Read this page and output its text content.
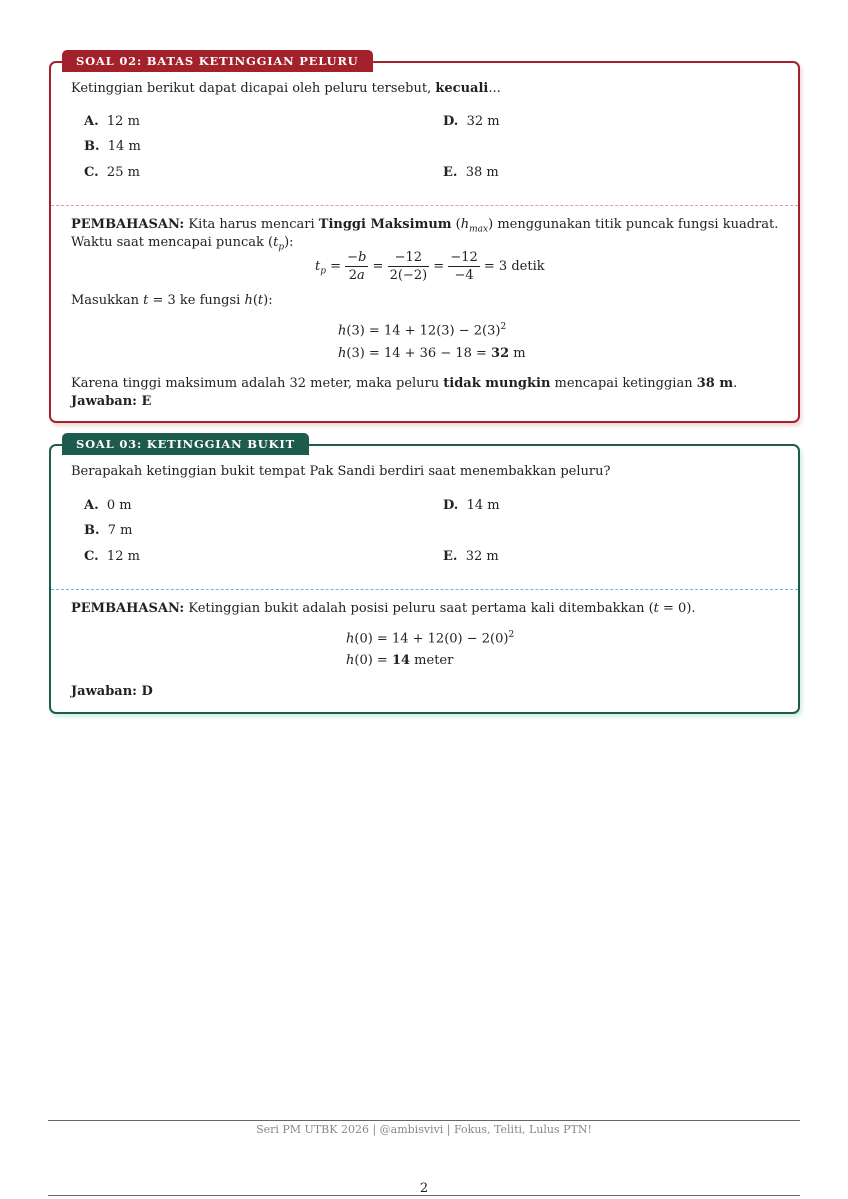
SOAL 02: BATAS KETINGGIAN PELURU
Ketinggian berikut dapat dicapai oleh peluru tersebut, kecuali...
A. 12 m
B. 14 m
C. 25 m
D. 32 m
E. 38 m
PEMBAHASAN: Kita harus mencari Tinggi Maksimum $(h_{max})$ menggunakan titik puncak fungsi kuadrat.
Waktu saat mencapai puncak $(t_p)$:
$t_p = \frac{-b}{2a} = \frac{-12}{2(-2)} = \frac{-12}{-4} = 3$ detik
Masukkan t = 3 ke fungsi h(t):
$h(3) = 14 + 12(3) - 2(3)^2$
h(3) = 14 + 36 − 18 = 32 m
Karena tinggi maksimum adalah 32 meter, maka peluru tidak mungkin mencapai ketinggian 38 m.
Jawaban: E
SOAL 03: KETINGGIAN BUKIT
Berapakah ketinggian bukit tempat Pak Sandi berdiri saat menembakkan peluru?
A. 0 m
B. 7 m
C. 12 m
D. 14 m
E. 32 m
PEMBAHASAN: Ketinggian bukit adalah posisi peluru saat pertama kali ditembakkan (t = 0).
$h(0) = 14 + 12(0) - 2(0)^2$
h(0) = 14 meter
Jawaban: D
Seri PM UTBK 2026 | @ambisvivi | Fokus, Teliti, Lulus PTN!
2
